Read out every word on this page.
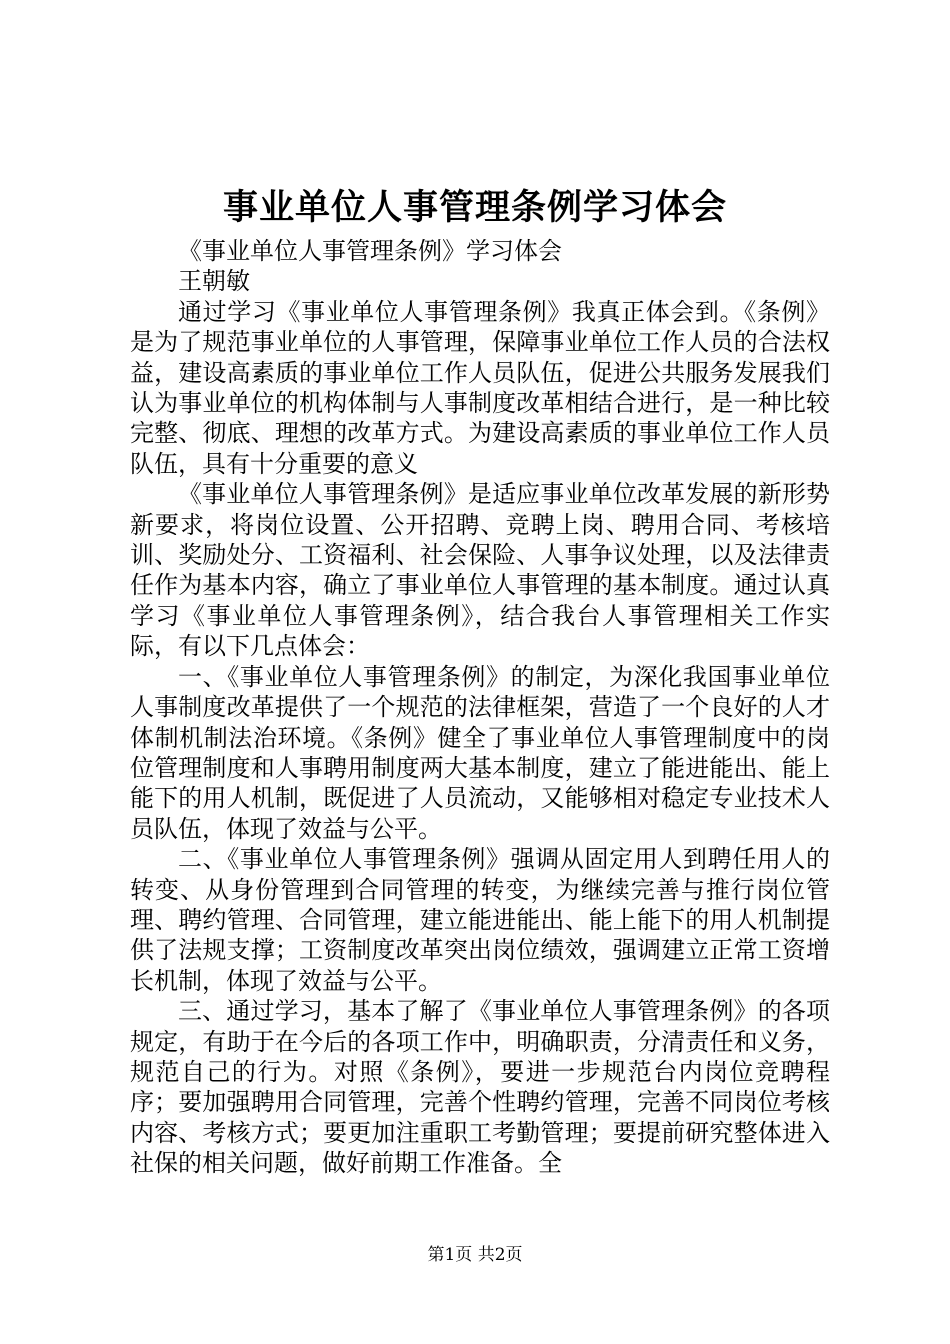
事业单位人事管理条例学习体会

《事业单位人事管理条例》学习体会

王朝敏

通过学习《事业单位人事管理条例》我真正体会到。《条例》是为了规范事业单位的人事管理，保障事业单位工作人员的合法权益，建设高素质的事业单位工作人员队伍，促进公共服务发展我们认为事业单位的机构体制与人事制度改革相结合进行，是一种比较完整、彻底、理想的改革方式。为建设高素质的事业单位工作人员队伍，具有十分重要的意义

《事业单位人事管理条例》是适应事业单位改革发展的新形势新要求，将岗位设置、公开招聘、竞聘上岗、聘用合同、考核培训、奖励处分、工资福利、社会保险、人事争议处理，以及法律责任作为基本内容，确立了事业单位人事管理的基本制度。通过认真学习《事业单位人事管理条例》，结合我台人事管理相关工作实际，有以下几点体会：

一、《事业单位人事管理条例》的制定，为深化我国事业单位人事制度改革提供了一个规范的法律框架，营造了一个良好的人才体制机制法治环境。《条例》健全了事业单位人事管理制度中的岗位管理制度和人事聘用制度两大基本制度，建立了能进能出、能上能下的用人机制，既促进了人员流动，又能够相对稳定专业技术人员队伍，体现了效益与公平。

二、《事业单位人事管理条例》强调从固定用人到聘任用人的转变、从身份管理到合同管理的转变，为继续完善与推行岗位管理、聘约管理、合同管理，建立能进能出、能上能下的用人机制提供了法规支撑；工资制度改革突出岗位绩效，强调建立正常工资增长机制，体现了效益与公平。

三、通过学习，基本了解了《事业单位人事管理条例》的各项规定，有助于在今后的各项工作中，明确职责，分清责任和义务，规范自己的行为。对照《条例》，要进一步规范台内岗位竞聘程序；要加强聘用合同管理，完善个性聘约管理，完善不同岗位考核内容、考核方式；要更加注重职工考勤管理；要提前研究整体进入社保的相关问题，做好前期工作准备。全

第1页 共2页
